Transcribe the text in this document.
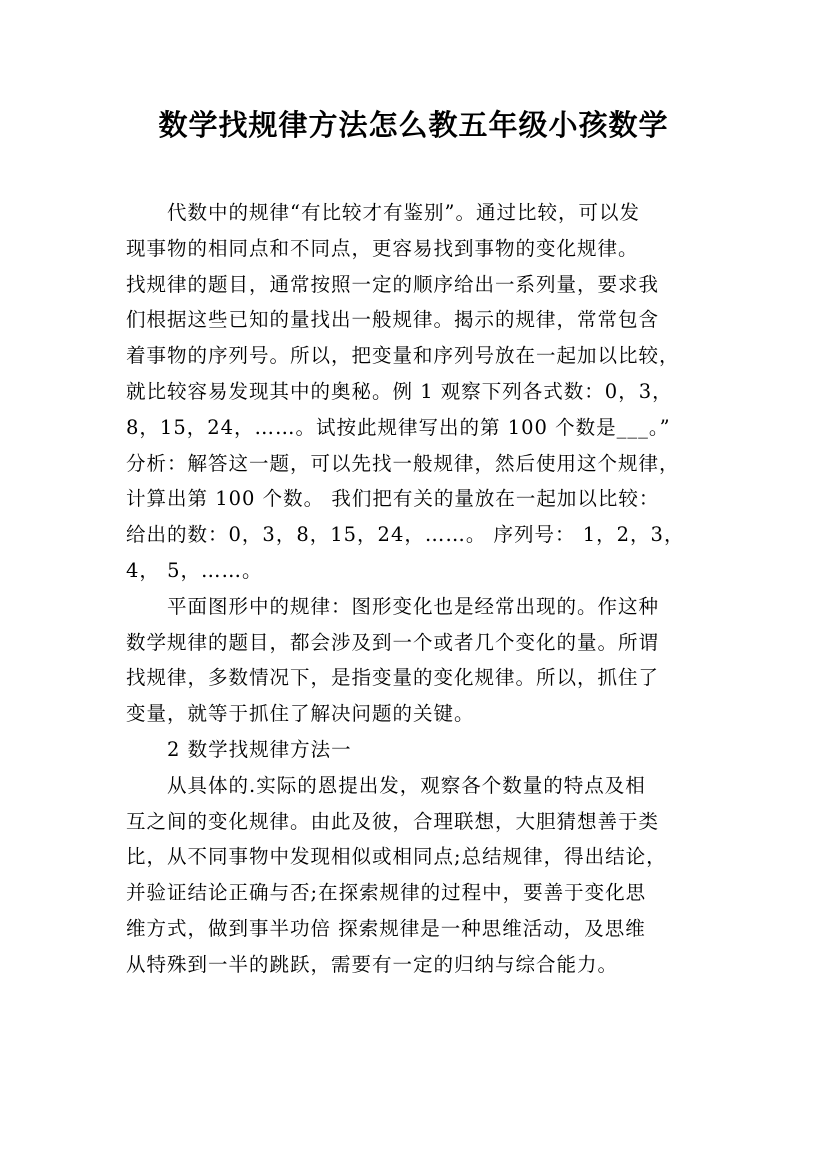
数学找规律方法怎么教五年级小孩数学
　　代数中的规律“有比较才有鉴别”。通过比较，可以发
现事物的相同点和不同点，更容易找到事物的变化规律。
找规律的题目，通常按照一定的顺序给出一系列量，要求我
们根据这些已知的量找出一般规律。揭示的规律，常常包含
着事物的序列号。所以，把变量和序列号放在一起加以比较，
就比较容易发现其中的奥秘。例 1 观察下列各式数：0，3，
8，15，24，……。试按此规律写出的第 100 个数是___。”
分析：解答这一题，可以先找一般规律，然后使用这个规律，
计算出第 100 个数。 我们把有关的量放在一起加以比较：
给出的数：0，3，8，15，24，……。 序列号： 1，2，3，
4， 5，……。
　　平面图形中的规律：图形变化也是经常出现的。作这种
数学规律的题目，都会涉及到一个或者几个变化的量。所谓
找规律，多数情况下，是指变量的变化规律。所以，抓住了
变量，就等于抓住了解决问题的关键。
　　2 数学找规律方法一
　　从具体的.实际的恩提出发，观察各个数量的特点及相
互之间的变化规律。由此及彼，合理联想，大胆猜想善于类
比，从不同事物中发现相似或相同点;总结规律，得出结论，
并验证结论正确与否;在探索规律的过程中，要善于变化思
维方式，做到事半功倍 探索规律是一种思维活动，及思维
从特殊到一半的跳跃，需要有一定的归纳与综合能力。
